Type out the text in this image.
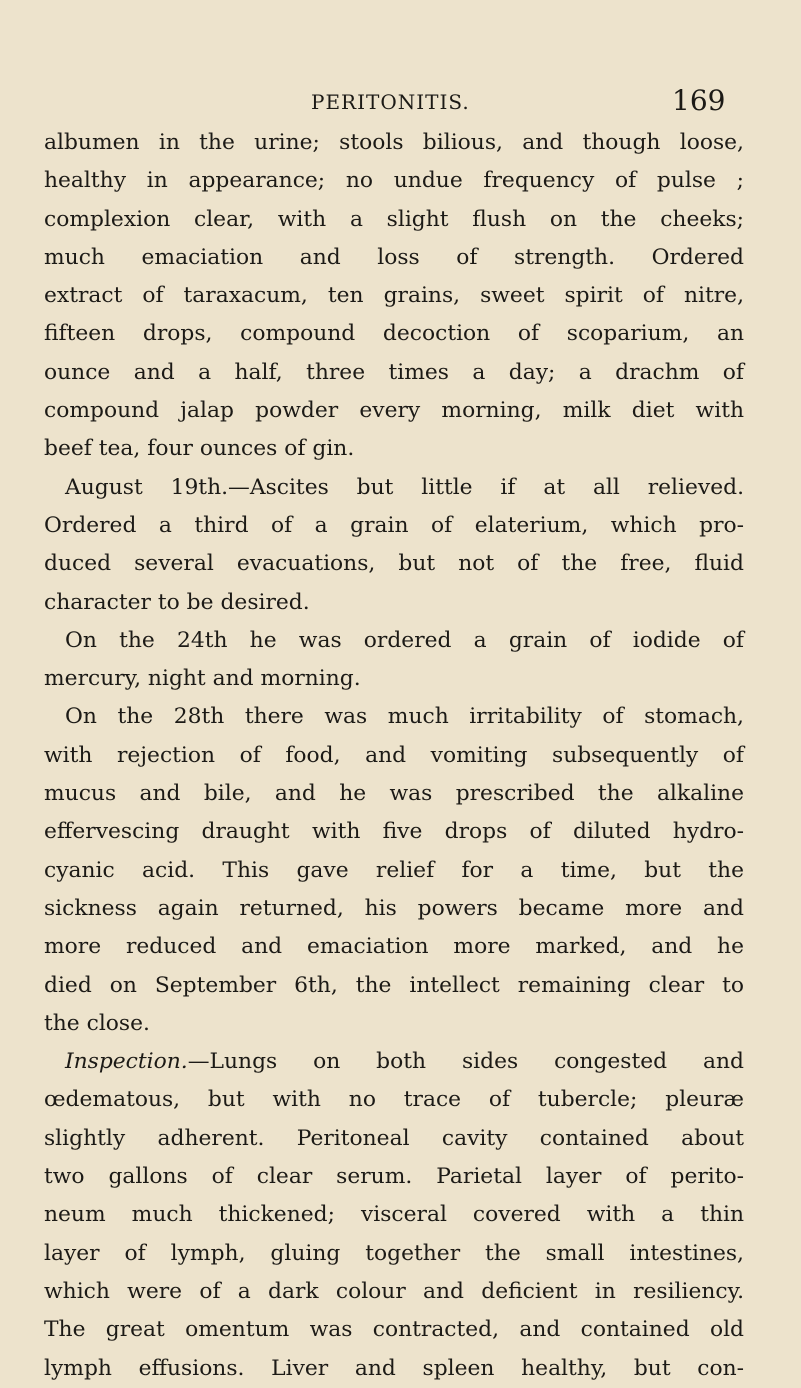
PERITONITIS.	169
albumen in the urine; stools bilious, and though loose,
healthy in appearance; no undue frequency of pulse ;
complexion clear, with a slight flush on the cheeks;
much emaciation and loss of strength. Ordered
extract of taraxacum, ten grains, sweet spirit of nitre,
fifteen drops, compound decoction of scoparium, an
ounce and a half, three times a day; a drachm of
compound jalap powder every morning, milk diet with
beef tea, four ounces of gin.
August 19th.—Ascites but little if at all relieved.
Ordered a third of a grain of elaterium, which pro-
duced several evacuations, but not of the free, fluid
character to be desired.
On the 24th he was ordered a grain of iodide of
mercury, night and morning.
On the 28th there was much irritability of stomach,
with rejection of food, and vomiting subsequently of
mucus and bile, and he was prescribed the alkaline
effervescing draught with five drops of diluted hydro-
cyanic acid. This gave relief for a time, but the
sickness again returned, his powers became more and
more reduced and emaciation more marked, and he
died on September 6th, the intellect remaining clear to
the close.
Inspection.—Lungs on both sides congested and
œdematous, but with no trace of tubercle; pleuræ
slightly adherent. Peritoneal cavity contained about
two gallons of clear serum. Parietal layer of perito-
neum much thickened; visceral covered with a thin
layer of lymph, gluing together the small intestines,
which were of a dark colour and deficient in resiliency.
The great omentum was contracted, and contained old
lymph effusions. Liver and spleen healthy, but con-
